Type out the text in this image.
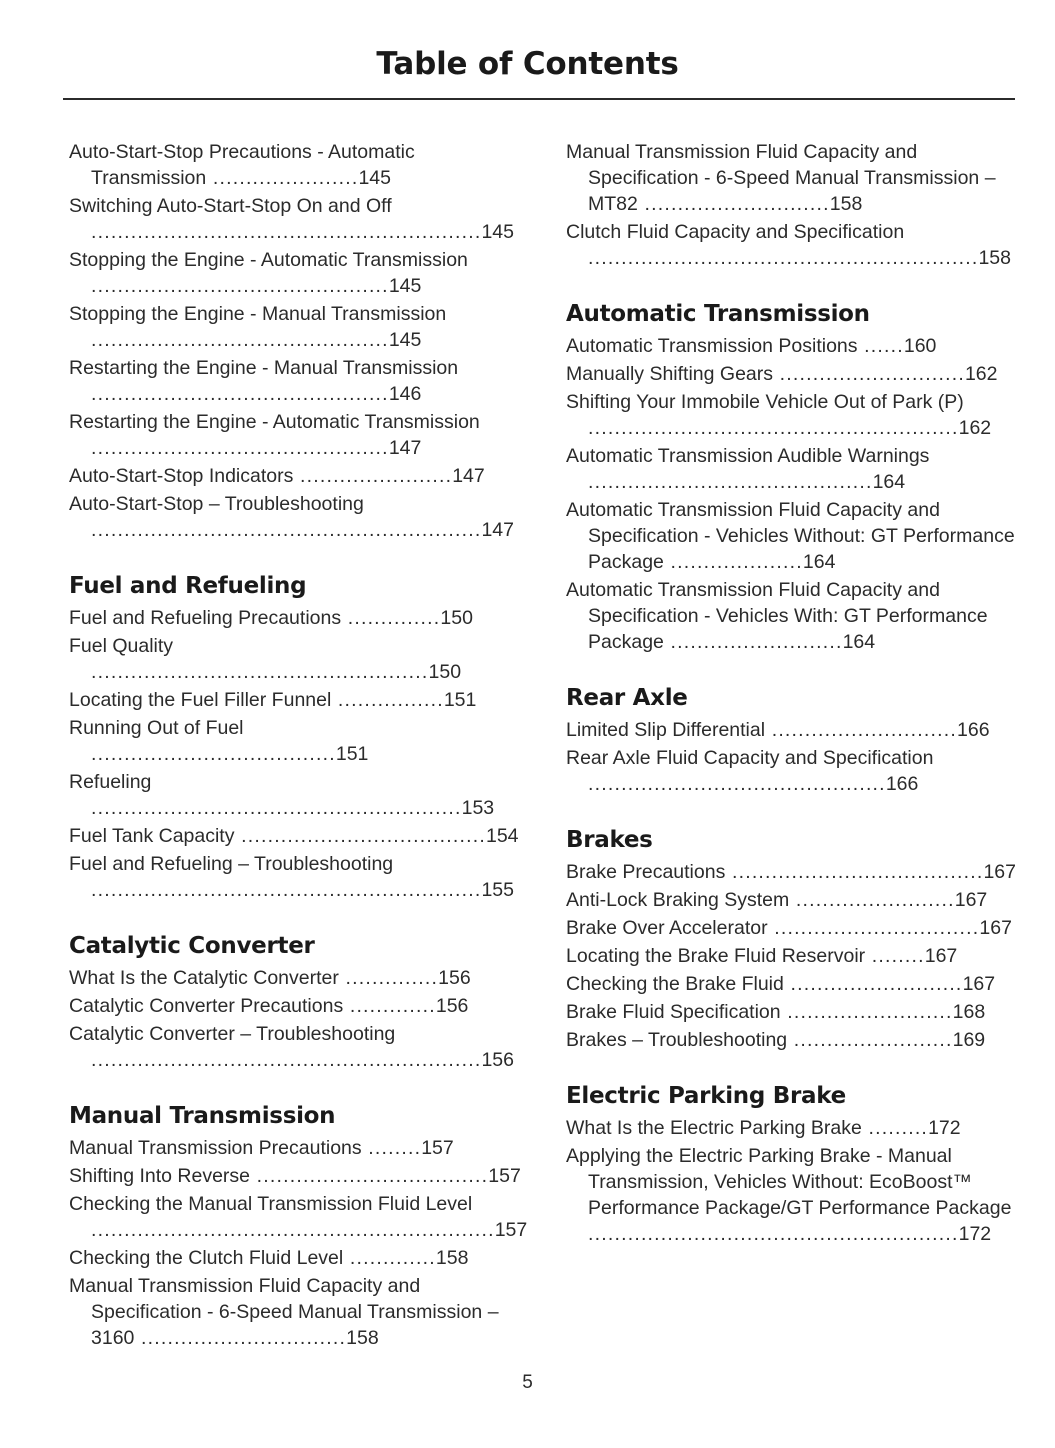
Table of Contents
Auto-Start-Stop Precautions - Automatic Transmission ......................145
Switching Auto-Start-Stop On and Off ...........................................................145
Stopping the Engine - Automatic Transmission .............................................145
Stopping the Engine - Manual Transmission .............................................145
Restarting the Engine - Manual Transmission .............................................146
Restarting the Engine - Automatic Transmission .............................................147
Auto-Start-Stop Indicators .......................147
Auto-Start-Stop – Troubleshooting ...........................................................147
Fuel and Refueling
Fuel and Refueling Precautions ..............150
Fuel Quality ...................................................150
Locating the Fuel Filler Funnel ................151
Running Out of Fuel .....................................151
Refueling ........................................................153
Fuel Tank Capacity .....................................154
Fuel and Refueling – Troubleshooting ...........................................................155
Catalytic Converter
What Is the Catalytic Converter ..............156
Catalytic Converter Precautions .............156
Catalytic Converter – Troubleshooting ...........................................................156
Manual Transmission
Manual Transmission Precautions ........157
Shifting Into Reverse ...................................157
Checking the Manual Transmission Fluid Level .............................................................157
Checking the Clutch Fluid Level .............158
Manual Transmission Fluid Capacity and Specification - 6-Speed Manual Transmission – 3160 ...............................158
Manual Transmission Fluid Capacity and Specification - 6-Speed Manual Transmission – MT82 ............................158
Clutch Fluid Capacity and Specification ...........................................................158
Automatic Transmission
Automatic Transmission Positions ......160
Manually Shifting Gears ............................162
Shifting Your Immobile Vehicle Out of Park (P) ........................................................162
Automatic Transmission Audible Warnings ...........................................164
Automatic Transmission Fluid Capacity and Specification - Vehicles Without: GT Performance Package ....................164
Automatic Transmission Fluid Capacity and Specification - Vehicles With: GT Performance Package ..........................164
Rear Axle
Limited Slip Differential ............................166
Rear Axle Fluid Capacity and Specification .............................................166
Brakes
Brake Precautions ......................................167
Anti-Lock Braking System ........................167
Brake Over Accelerator ...............................167
Locating the Brake Fluid Reservoir ........167
Checking the Brake Fluid ..........................167
Brake Fluid Specification .........................168
Brakes – Troubleshooting ........................169
Electric Parking Brake
What Is the Electric Parking Brake .........172
Applying the Electric Parking Brake - Manual Transmission, Vehicles Without: EcoBoost™ Performance Package/GT Performance Package ........................................................172
5
